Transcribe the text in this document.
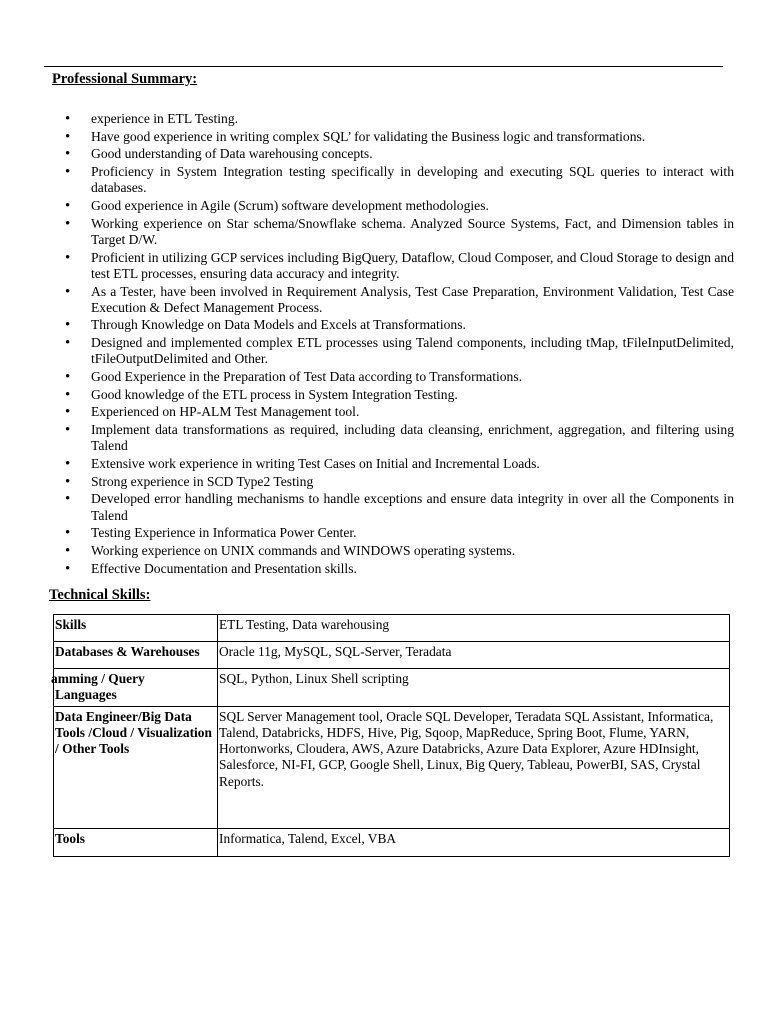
Professional Summary:
• experience in ETL Testing.
• Have good experience in writing complex SQL’ for validating the Business logic and transformations.
• Good understanding of Data warehousing concepts.
• Proficiency in System Integration testing specifically in developing and executing SQL queries to interact with databases.
• Good experience in Agile (Scrum) software development methodologies.
• Working experience on Star schema/Snowflake schema. Analyzed Source Systems, Fact, and Dimension tables in Target D/W.
• Proficient in utilizing GCP services including BigQuery, Dataflow, Cloud Composer, and Cloud Storage to design and test ETL processes, ensuring data accuracy and integrity.
• As a Tester, have been involved in Requirement Analysis, Test Case Preparation, Environment Validation, Test Case Execution & Defect Management Process.
• Through Knowledge on Data Models and Excels at Transformations.
• Designed and implemented complex ETL processes using Talend components, including tMap, tFileInputDelimited, tFileOutputDelimited and Other.
• Good Experience in the Preparation of Test Data according to Transformations.
• Good knowledge of the ETL process in System Integration Testing.
• Experienced on HP-ALM Test Management tool.
• Implement data transformations as required, including data cleansing, enrichment, aggregation, and filtering using Talend
• Extensive work experience in writing Test Cases on Initial and Incremental Loads.
• Strong experience in SCD Type2 Testing
• Developed error handling mechanisms to handle exceptions and ensure data integrity in over all the Components in Talend
• Testing Experience in Informatica Power Center.
• Working experience on UNIX commands and WINDOWS operating systems.
• Effective Documentation and Presentation skills.
Technical Skills:
Skills	ETL Testing, Data warehousing
Databases & Warehouses	Oracle 11g, MySQL, SQL-Server, Teradata

amming / Query
Languages	SQL, Python, Linux Shell scripting
Data Engineer/Big Data Tools /Cloud / Visualization / Other Tools	SQL Server Management tool, Oracle SQL Developer, Teradata SQL Assistant, Informatica, Talend, Databricks, HDFS, Hive, Pig, Sqoop, MapReduce, Spring Boot, Flume, YARN, Hortonworks, Cloudera, AWS, Azure Databricks, Azure Data Explorer, Azure HDInsight, Salesforce, NI-FI, GCP, Google Shell, Linux, Big Query, Tableau, PowerBI, SAS, Crystal Reports.
Tools	Informatica, Talend, Excel, VBA
